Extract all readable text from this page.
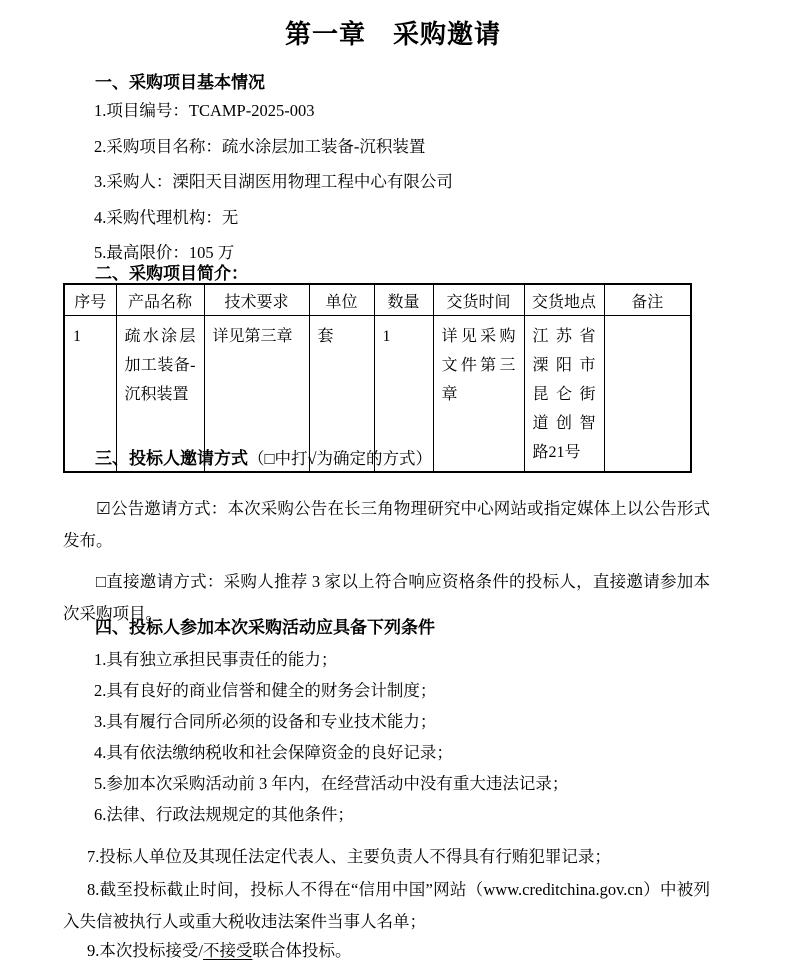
第一章　采购邀请
一、采购项目基本情况
1.项目编号：TCAMP-2025-003
2.采购项目名称：疏水涂层加工装备-沉积装置
3.采购人：溧阳天目湖医用物理工程中心有限公司
4.采购代理机构：无
5.最高限价：105 万
二、采购项目简介：
序号	产品名称	技术要求	单位	数量	交货时间	交货地点	备注
1	疏水涂层加工装备-沉积装置	详见第三章	套	1	详见采购文件第三章	江苏省溧阳市昆仑街道创智路21号	
三、投标人邀请方式（□中打√为确定的方式）

☑公告邀请方式：本次采购公告在长三角物理研究中心网站或指定媒体上以公告形式发布。

□直接邀请方式：采购人推荐 3 家以上符合响应资格条件的投标人，直接邀请参加本次采购项目。

四、投标人参加本次采购活动应具备下列条件
1.具有独立承担民事责任的能力；
2.具有良好的商业信誉和健全的财务会计制度；
3.具有履行合同所必须的设备和专业技术能力；
4.具有依法缴纳税收和社会保障资金的良好记录；
5.参加本次采购活动前 3 年内，在经营活动中没有重大违法记录；
6.法律、行政法规规定的其他条件；

7.投标人单位及其现任法定代表人、主要负责人不得具有行贿犯罪记录；

8.截至投标截止时间，投标人不得在“信用中国”网站（www.creditchina.gov.cn）中被列入失信被执行人或重大税收违法案件当事人名单；

9.本次投标接受/不接受联合体投标。
